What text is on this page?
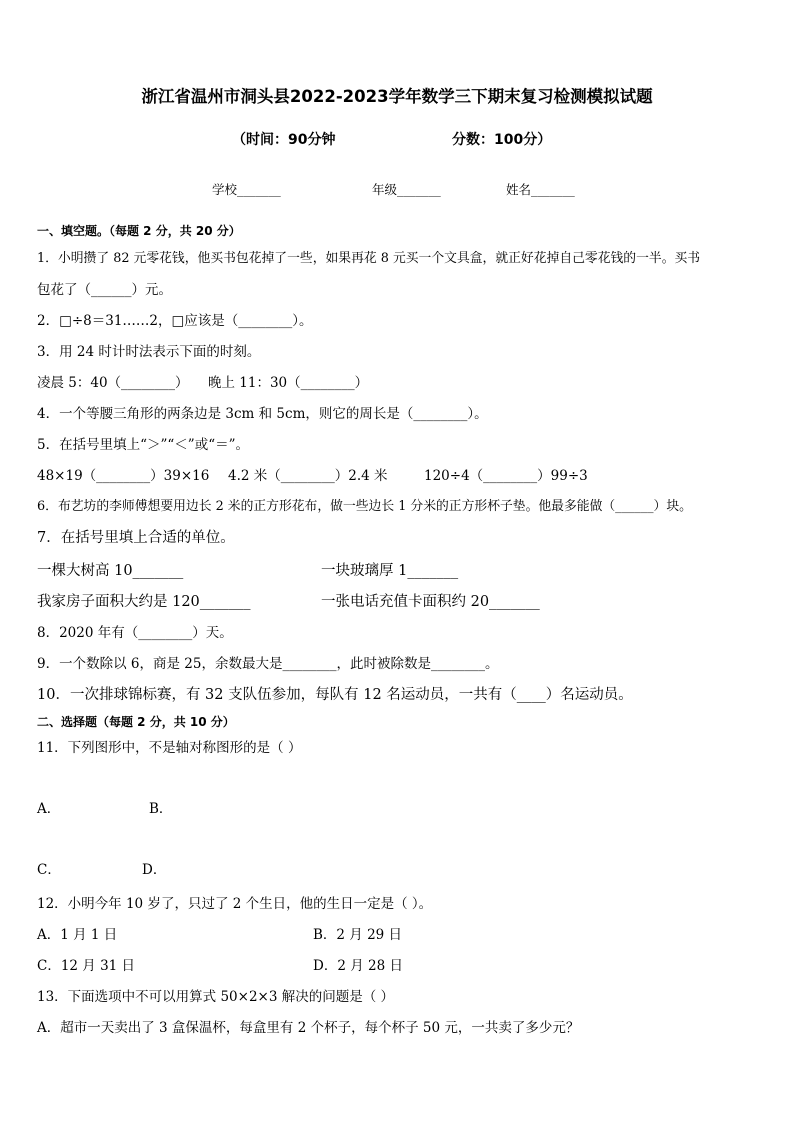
浙江省温州市洞头县2022-2023学年数学三下期末复习检测模拟试题
（时间：90分钟	分数：100分）
学校_______	年级_______	姓名_______
一、填空题。（每题 2 分，共 20 分）
1．小明攒了 82 元零花钱，他买书包花掉了一些，如果再花 8 元买一个文具盒，就正好花掉自己零花钱的一半。买书
包花了（______）元。
2．□÷8＝31……2，□应该是（________）。
3．用 24 时计时法表示下面的时刻。
凌晨 5：40（________） 晚上 11：30（________）
4．一个等腰三角形的两条边是 3cm 和 5cm，则它的周长是（________）。
5．在括号里填上“＞”“＜”或“＝”。
48×19（________）39×16 4.2 米（________）2.4 米	120÷4（________）99÷3
6．布艺坊的李师傅想要用边长 2 米的正方形花布，做一些边长 1 分米的正方形杯子垫。他最多能做（______）块。
7．在括号里填上合适的单位。
一棵大树高 10_______	一块玻璃厚 1_______
我家房子面积大约是 120_______	一张电话充值卡面积约 20_______
8．2020 年有（________）天。
9．一个数除以 6，商是 25，余数最大是________，此时被除数是________。
10．一次排球锦标赛，有 32 支队伍参加，每队有 12 名运动员，一共有（____）名运动员。
二、选择题（每题 2 分，共 10 分）
11．下列图形中，不是轴对称图形的是（ ）
A．	B．
C．	D．
12．小明今年 10 岁了，只过了 2 个生日，他的生日一定是（ ）。
A．1 月 1 日	B．2 月 29 日
C．12 月 31 日	D．2 月 28 日
13．下面选项中不可以用算式 50×2×3 解决的问题是（ ）
A．超市一天卖出了 3 盒保温杯，每盒里有 2 个杯子，每个杯子 50 元，一共卖了多少元？
